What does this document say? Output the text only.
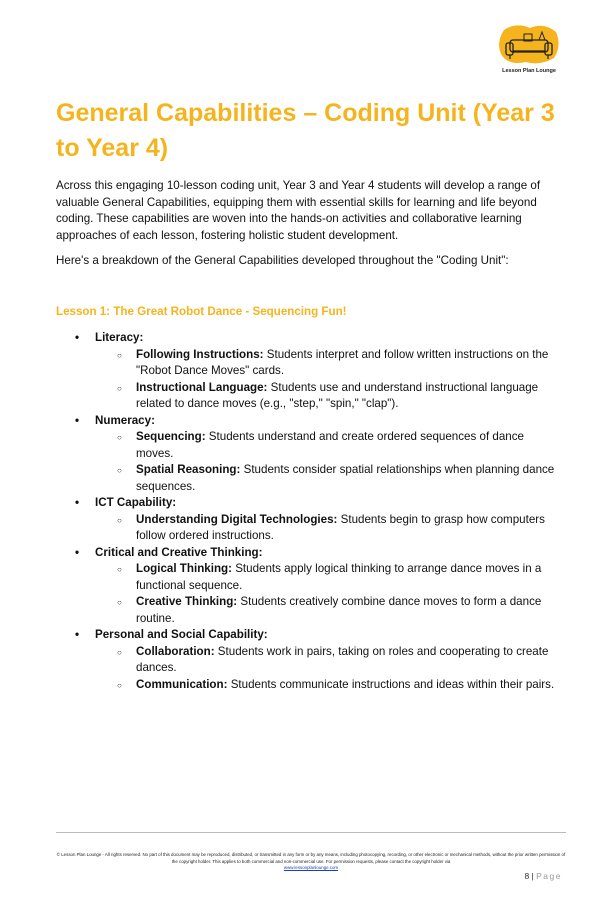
Lesson Plan Lounge
General Capabilities – Coding Unit (Year 3 to Year 4)

Across this engaging 10-lesson coding unit, Year 3 and Year 4 students will develop a range of valuable General Capabilities, equipping them with essential skills for learning and life beyond coding. These capabilities are woven into the hands-on activities and collaborative learning approaches of each lesson, fostering holistic student development.

Here's a breakdown of the General Capabilities developed throughout the "Coding Unit":

Lesson 1: The Great Robot Dance - Sequencing Fun!

• Literacy:
○ Following Instructions: Students interpret and follow written instructions on the "Robot Dance Moves" cards.
○ Instructional Language: Students use and understand instructional language related to dance moves (e.g., "step," "spin," "clap").
• Numeracy:
○ Sequencing: Students understand and create ordered sequences of dance moves.
○ Spatial Reasoning: Students consider spatial relationships when planning dance sequences.
• ICT Capability:
○ Understanding Digital Technologies: Students begin to grasp how computers follow ordered instructions.
• Critical and Creative Thinking:
○ Logical Thinking: Students apply logical thinking to arrange dance moves in a functional sequence.
○ Creative Thinking: Students creatively combine dance moves to form a dance routine.
• Personal and Social Capability:
○ Collaboration: Students work in pairs, taking on roles and cooperating to create dances.
○ Communication: Students communicate instructions and ideas within their pairs.
© Lesson Plan Lounge - All rights reserved. No part of this document may be reproduced, distributed, or transmitted in any form or by any means, including photocopying, recording, or other electronic or mechanical methods, without the prior written permission of the copyright holder. This applies to both commercial and non-commercial use. For permission requests, please contact the copyright holder via
www.lessonplanlounge.com
8 | Page
